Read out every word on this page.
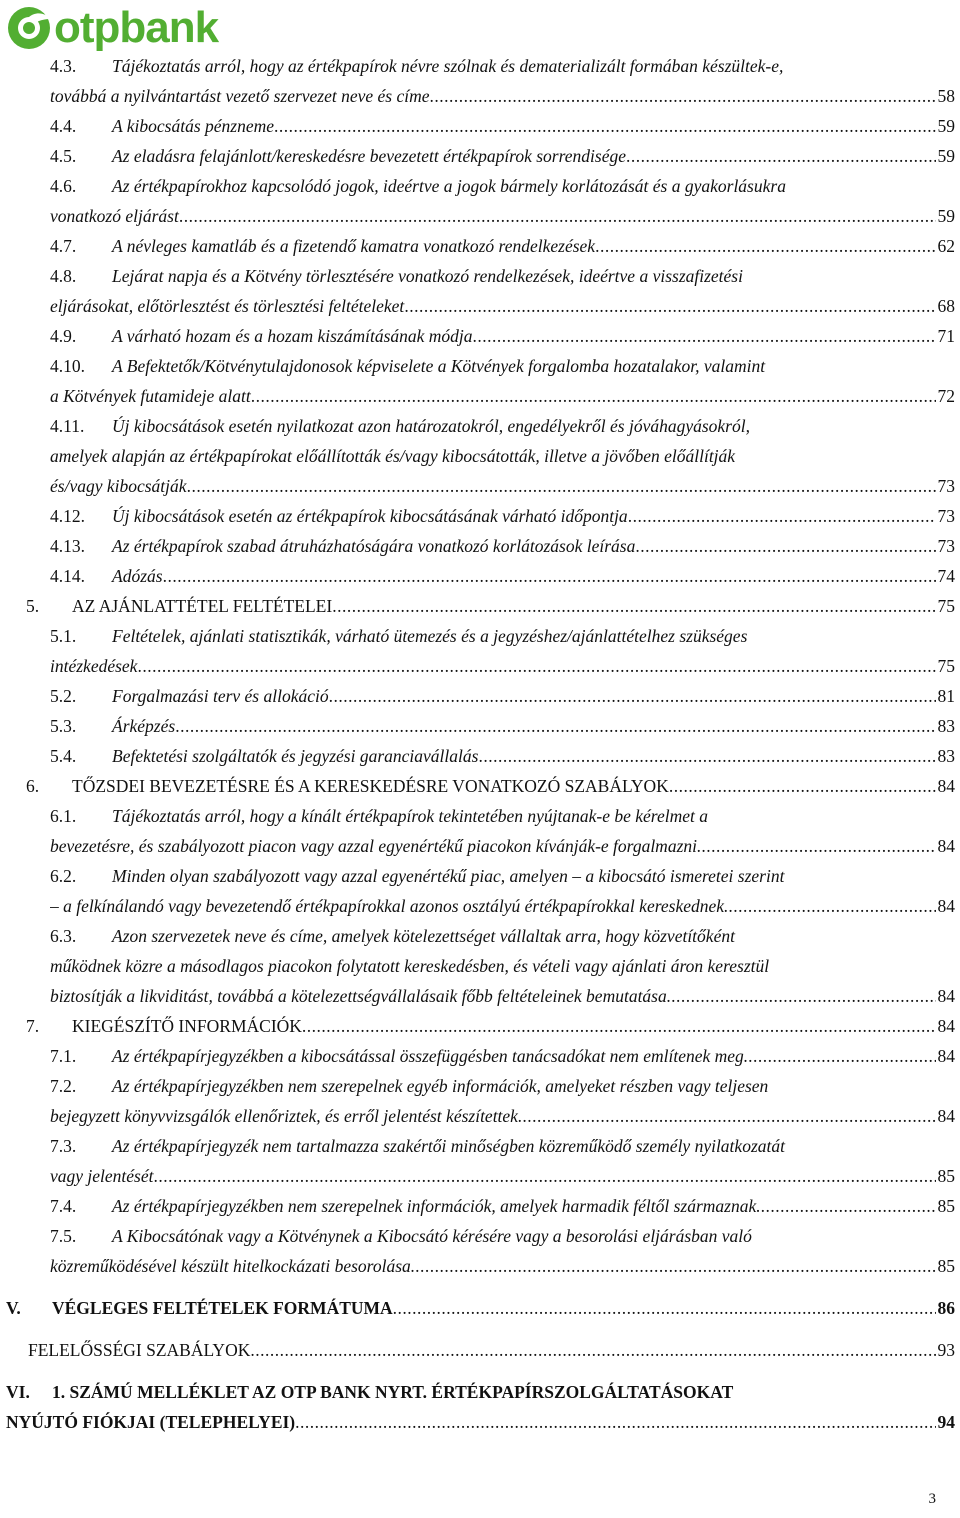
otpbank
4.3.	Tájékoztatás arról, hogy az értékpapírok névre szólnak és dematerializált formában készültek-e,
továbbá a nyilvántartást vezető szervezet neve és címe .....	58
4.4.	A kibocsátás pénzneme .....	59
4.5.	Az eladásra felajánlott/kereskedésre bevezetett értékpapírok sorrendisége .....	59
4.6.	Az értékpapírokhoz kapcsolódó jogok, ideértve a jogok bármely korlátozását és a gyakorlásukra
vonatkozó eljárást .....	59
4.7.	A névleges kamatláb és a fizetendő kamatra vonatkozó rendelkezések .....	62
4.8.	Lejárat napja és a Kötvény törlesztésére vonatkozó rendelkezések, ideértve a visszafizetési
eljárásokat, előtörlesztést és törlesztési feltételeket .....	68
4.9.	A várható hozam és a hozam kiszámításának módja .....	71
4.10.	A Befektetők/Kötvénytulajdonosok képviselete a Kötvények forgalomba hozatalakor, valamint
a Kötvények futamideje alatt .....	72
4.11.	Új kibocsátások esetén nyilatkozat azon határozatokról, engedélyekről és jóváhagyásokról,
amelyek alapján az értékpapírokat előállították és/vagy kibocsátották, illetve a jövőben előállítják
és/vagy kibocsátják .....	73
4.12.	Új kibocsátások esetén az értékpapírok kibocsátásának várható időpontja .....	73
4.13.	Az értékpapírok szabad átruházhatóságára vonatkozó korlátozások leírása .....	73
4.14.	Adózás .....	74
5.	AZ AJÁNLATTÉTEL FELTÉTELEI .....	75
5.1.	Feltételek, ajánlati statisztikák, várható ütemezés és a jegyzéshez/ajánlattételhez szükséges
intézkedések .....	75
5.2.	Forgalmazási terv és allokáció .....	81
5.3.	Árképzés .....	83
5.4.	Befektetési szolgáltatók és jegyzési garanciavállalás .....	83
6.	TŐZSDEI BEVEZETÉSRE ÉS A KERESKEDÉSRE VONATKOZÓ SZABÁLYOK .....	84
6.1.	Tájékoztatás arról, hogy a kínált értékpapírok tekintetében nyújtanak-e be kérelmet a
bevezetésre, és szabályozott piacon vagy azzal egyenértékű piacokon kívánják-e forgalmazni. .....	84
6.2.	Minden olyan szabályozott vagy azzal egyenértékű piac, amelyen – a kibocsátó ismeretei szerint
– a felkínálandó vagy bevezetendő értékpapírokkal azonos osztályú értékpapírokkal kereskednek. .....	84
6.3.	Azon szervezetek neve és címe, amelyek kötelezettséget vállaltak arra, hogy közvetítőként
működnek közre a másodlagos piacokon folytatott kereskedésben, és vételi vagy ajánlati áron keresztül
biztosítják a likviditást, továbbá a kötelezettségvállalásaik főbb feltételeinek bemutatása. .....	84
7.	KIEGÉSZÍTŐ INFORMÁCIÓK .....	84
7.1.	Az értékpapírjegyzékben a kibocsátással összefüggésben tanácsadókat nem említenek meg. .....	84
7.2.	Az értékpapírjegyzékben nem szerepelnek egyéb információk, amelyeket részben vagy teljesen
bejegyzett könyvvizsgálók ellenőriztek, és erről jelentést készítettek. .....	84
7.3.	Az értékpapírjegyzék nem tartalmazza szakértői minőségben közreműködő személy nyilatkozatát
vagy jelentését .....	85
7.4.	Az értékpapírjegyzékben nem szerepelnek információk, amelyek harmadik féltől származnak. .....	85
7.5.	A Kibocsátónak vagy a Kötvénynek a Kibocsátó kérésére vagy a besorolási eljárásban való
közreműködésével készült hitelkockázati besorolása. .....	85
V.	VÉGLEGES FELTÉTELEK FORMÁTUMA .....	86
FELELŐSSÉGI SZABÁLYOK .....	93
VI.	1. SZÁMÚ MELLÉKLET AZ OTP BANK NYRT. ÉRTÉKPAPÍRSZOLGÁLTATÁSOKAT
NYÚJTÓ FIÓKJAI (TELEPHELYEI) .....	94
3
